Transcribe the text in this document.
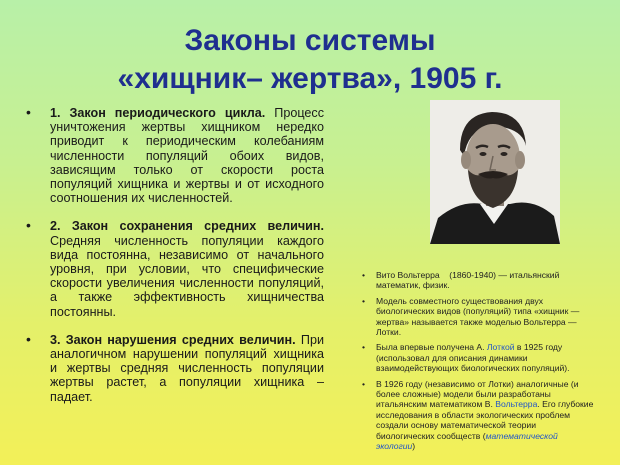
Законы системы
«хищник– жертва», 1905 г.
• 1. Закон периодического цикла. Процесс уничтожения жертвы хищником нередко приводит к периодическим колебаниям численности популяций обоих видов, зависящим только от скорости роста популяций хищника и жертвы и от исходного соотношения их численностей.
• 2. Закон сохранения средних величин. Средняя численность популяции каждого вида постоянна, независимо от начального уровня, при условии, что специфические скорости увеличения численности популяций, а также эффективность хищничества постоянны.
• 3. Закон нарушения средних величин. При аналогичном нарушении популяций хищника и жертвы средняя численность популяции жертвы растет, а популяции хищника – падает.
• Вито Вольтерра (1860-1940) — итальянский математик, физик.
• Модель совместного существования двух биологических видов (популяций) типа «хищник — жертва» называется также моделью Вольтерра — Лотки.
• Была впервые получена А. Лоткой в 1925 году (использовал для описания динамики взаимодействующих биологических популяций).
• В 1926 году (независимо от Лотки) аналогичные (и более сложные) модели были разработаны итальянским математиком В. Вольтерра. Его глубокие исследования в области экологических проблем создали основу математической теории биологических сообществ (математической экологии)
